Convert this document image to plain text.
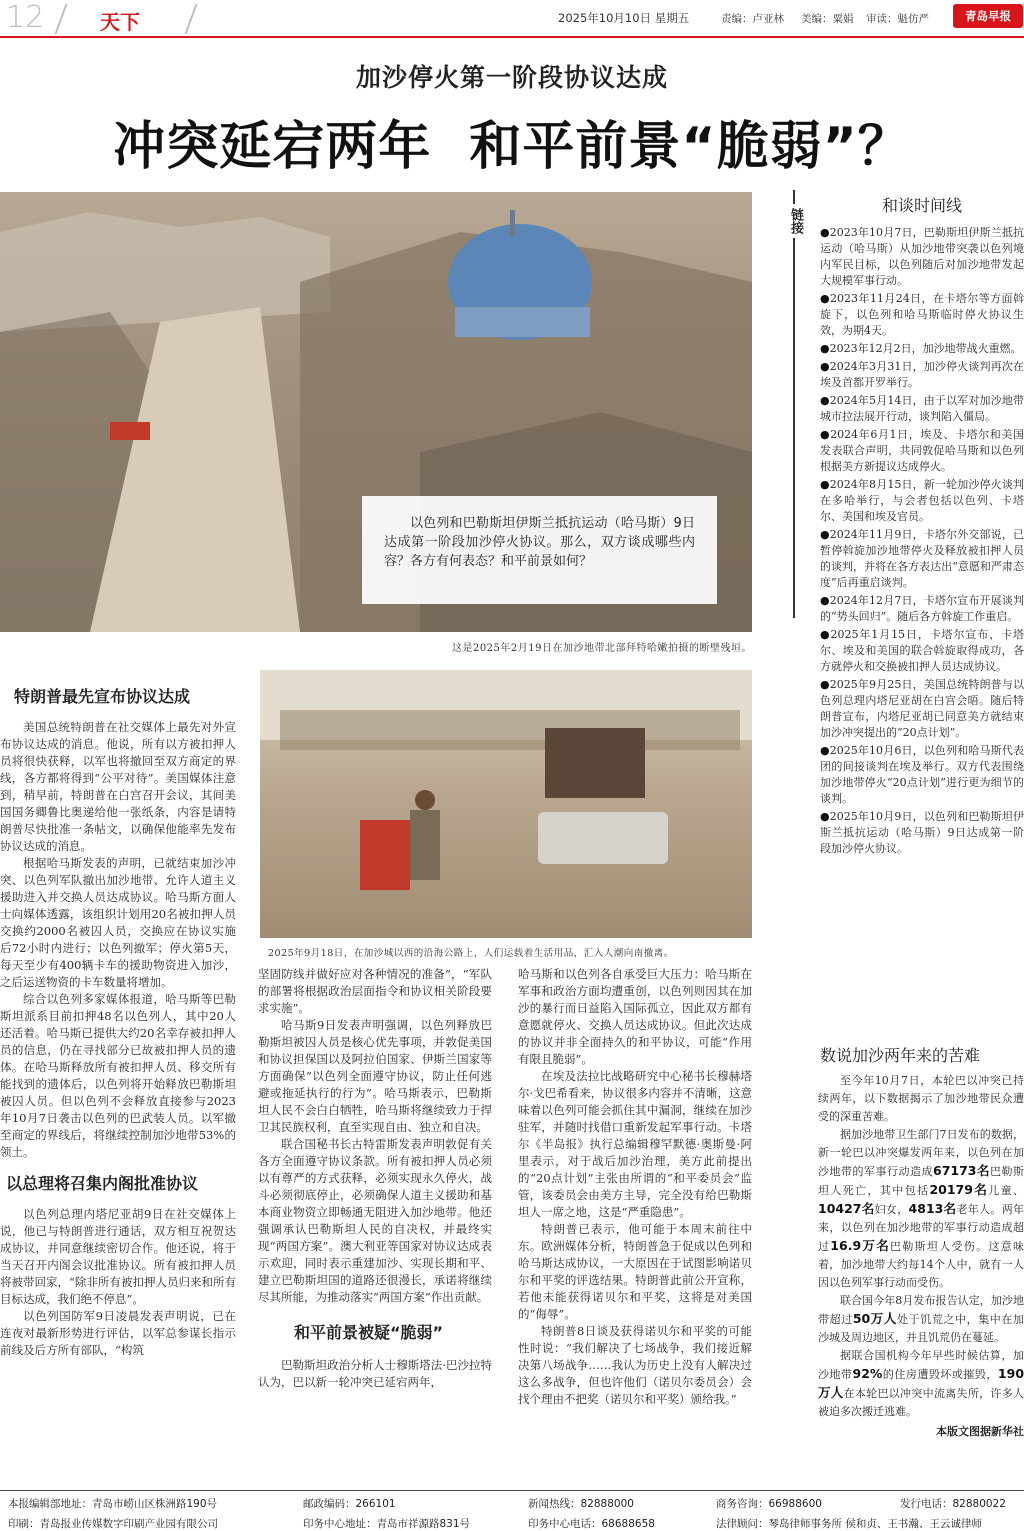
12	天下	2025年10月10日 星期五	责编：卢亚林 美编：粟娟 审读：魁仿严	青岛早报
加沙停火第一阶段协议达成
冲突延宕两年  和平前景“脆弱”？
以色列和巴勒斯坦伊斯兰抵抗运动（哈马斯）9日达成第一阶段加沙停火协议。那么，双方谈成哪些内容？各方有何表态？和平前景如何？
这是2025年2月19日在加沙地带北部拜特哈嫩拍摄的断壁残垣。
链接
和谈时间线

●2023年10月7日，巴勒斯坦伊斯兰抵抗运动（哈马斯）从加沙地带突袭以色列境内军民目标，以色列随后对加沙地带发起大规模军事行动。

●2023年11月24日，在卡塔尔等方面斡旋下，以色列和哈马斯临时停火协议生效，为期4天。

●2023年12月2日，加沙地带战火重燃。

●2024年3月31日，加沙停火谈判再次在埃及首都开罗举行。

●2024年5月14日，由于以军对加沙地带城市拉法展开行动，谈判陷入僵局。

●2024年6月1日，埃及、卡塔尔和美国发表联合声明，共同敦促哈马斯和以色列根据美方新提议达成停火。

●2024年8月15日，新一轮加沙停火谈判在多哈举行，与会者包括以色列、卡塔尔、美国和埃及官员。

●2024年11月9日，卡塔尔外交部说，已暂停斡旋加沙地带停火及释放被扣押人员的谈判，并将在各方表达出“意愿和严肃态度”后再重启谈判。

●2024年12月7日，卡塔尔宣布开展谈判的“势头回归”。随后各方斡旋工作重启。

●2025年1月15日，卡塔尔宣布，卡塔尔、埃及和美国的联合斡旋取得成功，各方就停火和交换被扣押人员达成协议。

●2025年9月25日，美国总统特朗普与以色列总理内塔尼亚胡在白宫会晤。随后特朗普宣布，内塔尼亚胡已同意美方就结束加沙冲突提出的“20点计划”。

●2025年10月6日，以色列和哈马斯代表团的间接谈判在埃及举行。双方代表围绕加沙地带停火“20点计划”进行更为细节的谈判。

●2025年10月9日，以色列和巴勒斯坦伊斯兰抵抗运动（哈马斯）9日达成第一阶段加沙停火协议。

数说加沙两年来的苦难

至今年10月7日，本轮巴以冲突已持续两年，以下数据揭示了加沙地带民众遭受的深重苦难。

据加沙地带卫生部门7日发布的数据，新一轮巴以冲突爆发两年来，以色列在加沙地带的军事行动造成67173名巴勒斯坦人死亡，其中包括20179名儿童、10427名妇女，4813名老年人。两年来，以色列在加沙地带的军事行动造成超过16.9万名巴勒斯坦人受伤。这意味着，加沙地带大约每14个人中，就有一人因以色列军事行动而受伤。

联合国今年8月发布报告认定，加沙地带超过50万人处于饥荒之中，集中在加沙城及周边地区，并且饥荒仍在蔓延。

据联合国机构今年早些时候估算，加沙地带92%的住房遭毁坏或摧毁，190万人在本轮巴以冲突中流离失所，许多人被迫多次搬迁逃难。

本版文图据新华社
特朗普最先宣布协议达成

美国总统特朗普在社交媒体上最先对外宣布协议达成的消息。他说，所有以方被扣押人员将很快获释，以军也将撤回至双方商定的界线，各方都将得到“公平对待”。美国媒体注意到，稍早前，特朗普在白宫召开会议，其间美国国务卿鲁比奥递给他一张纸条，内容是请特朗普尽快批准一条帖文，以确保他能率先发布协议达成的消息。

根据哈马斯发表的声明，已就结束加沙冲突、以色列军队撤出加沙地带、允许人道主义援助进入并交换人员达成协议。哈马斯方面人士向媒体透露，该组织计划用20名被扣押人员交换约2000名被囚人员，交换应在协议实施后72小时内进行；以色列撤军；停火第5天，每天至少有400辆卡车的援助物资进入加沙，之后运送物资的卡车数量将增加。

综合以色列多家媒体报道，哈马斯等巴勒斯坦派系目前扣押48名以色列人，其中20人还活着。哈马斯已提供大约20名幸存被扣押人员的信息，仍在寻找部分已故被扣押人员的遗体。在哈马斯释放所有被扣押人员、移交所有能找到的遗体后，以色列将开始释放巴勒斯坦被囚人员。但以色列不会释放直接参与2023年10月7日袭击以色列的巴武装人员。以军撤至商定的界线后，将继续控制加沙地带53%的领土。

以总理将召集内阁批准协议

以色列总理内塔尼亚胡9日在社交媒体上说，他已与特朗普进行通话，双方相互祝贺达成协议，并同意继续密切合作。他还说，将于当天召开内阁会议批准协议。所有被扣押人员将被带回家，“除非所有被扣押人员归来和所有目标达成，我们绝不停息”。

以色列国防军9日凌晨发表声明说，已在连夜对最新形势进行评估，以军总参谋长指示前线及后方所有部队，“构筑

2025年9月18日，在加沙城以西的沿海公路上，人们运载着生活用品，汇入人潮向南撤离。

坚固防线并做好应对各种情况的准备”，“军队的部署将根据政治层面指令和协议相关阶段要求实施”。

哈马斯9日发表声明强调，以色列释放巴勒斯坦被囚人员是核心优先事项，并敦促美国和协议担保国以及阿拉伯国家、伊斯兰国家等方面确保“以色列全面遵守协议，防止任何逃避或拖延执行的行为”。哈马斯表示，巴勒斯坦人民不会白白牺牲，哈马斯将继续致力于捍卫其民族权利，直至实现自由、独立和自决。

联合国秘书长古特雷斯发表声明敦促有关各方全面遵守协议条款。所有被扣押人员必须以有尊严的方式获释，必须实现永久停火，战斗必须彻底停止，必须确保人道主义援助和基本商业物资立即畅通无阻进入加沙地带。他还强调承认巴勒斯坦人民的自决权，并最终实现“两国方案”。澳大利亚等国家对协议达成表示欢迎，同时表示重建加沙、实现长期和平、建立巴勒斯坦国的道路还很漫长，承诺将继续尽其所能，为推动落实“两国方案”作出贡献。

和平前景被疑“脆弱”

巴勒斯坦政治分析人士穆斯塔法·巴沙拉特认为，巴以新一轮冲突已延宕两年，

哈马斯和以色列各自承受巨大压力：哈马斯在军事和政治方面均遭重创，以色列则因其在加沙的暴行而日益陷入国际孤立，因此双方都有意愿就停火、交换人员达成协议。但此次达成的协议并非全面持久的和平协议，可能“作用有限且脆弱”。

在埃及法拉比战略研究中心秘书长穆赫塔尔·戈巴希看来，协议很多内容并不清晰，这意味着以色列可能会抓住其中漏洞，继续在加沙驻军，并随时找借口重新发起军事行动。卡塔尔《半岛报》执行总编辑穆罕默德·奥斯曼·阿里表示，对于战后加沙治理，美方此前提出的“20点计划”主张由所谓的“和平委员会”监管，该委员会由美方主导，完全没有给巴勒斯坦人一席之地，这是“严重隐患”。

特朗普已表示，他可能于本周末前往中东。欧洲媒体分析，特朗普急于促成以色列和哈马斯达成协议，一大原因在于试图影响诺贝尔和平奖的评选结果。特朗普此前公开宣称，若他未能获得诺贝尔和平奖，这将是对美国的“侮辱”。

特朗普8日谈及获得诺贝尔和平奖的可能性时说：“我们解决了七场战争，我们接近解决第八场战争……我认为历史上没有人解决过这么多战争，但也许他们（诺贝尔委员会）会找个理由不把奖（诺贝尔和平奖）颁给我。”

本报编辑部地址：青岛市崂山区株洲路190号	邮政编码：266101	新闻热线：82888000	商务咨询：66988600	发行电话：82880022
印刷：青岛报业传媒数字印刷产业园有限公司	印务中心地址：青岛市祥源路831号	印务中心电话：68688658	法律顾问：琴岛律师事务所 侯和贞、王书瀚、王云诚律师
